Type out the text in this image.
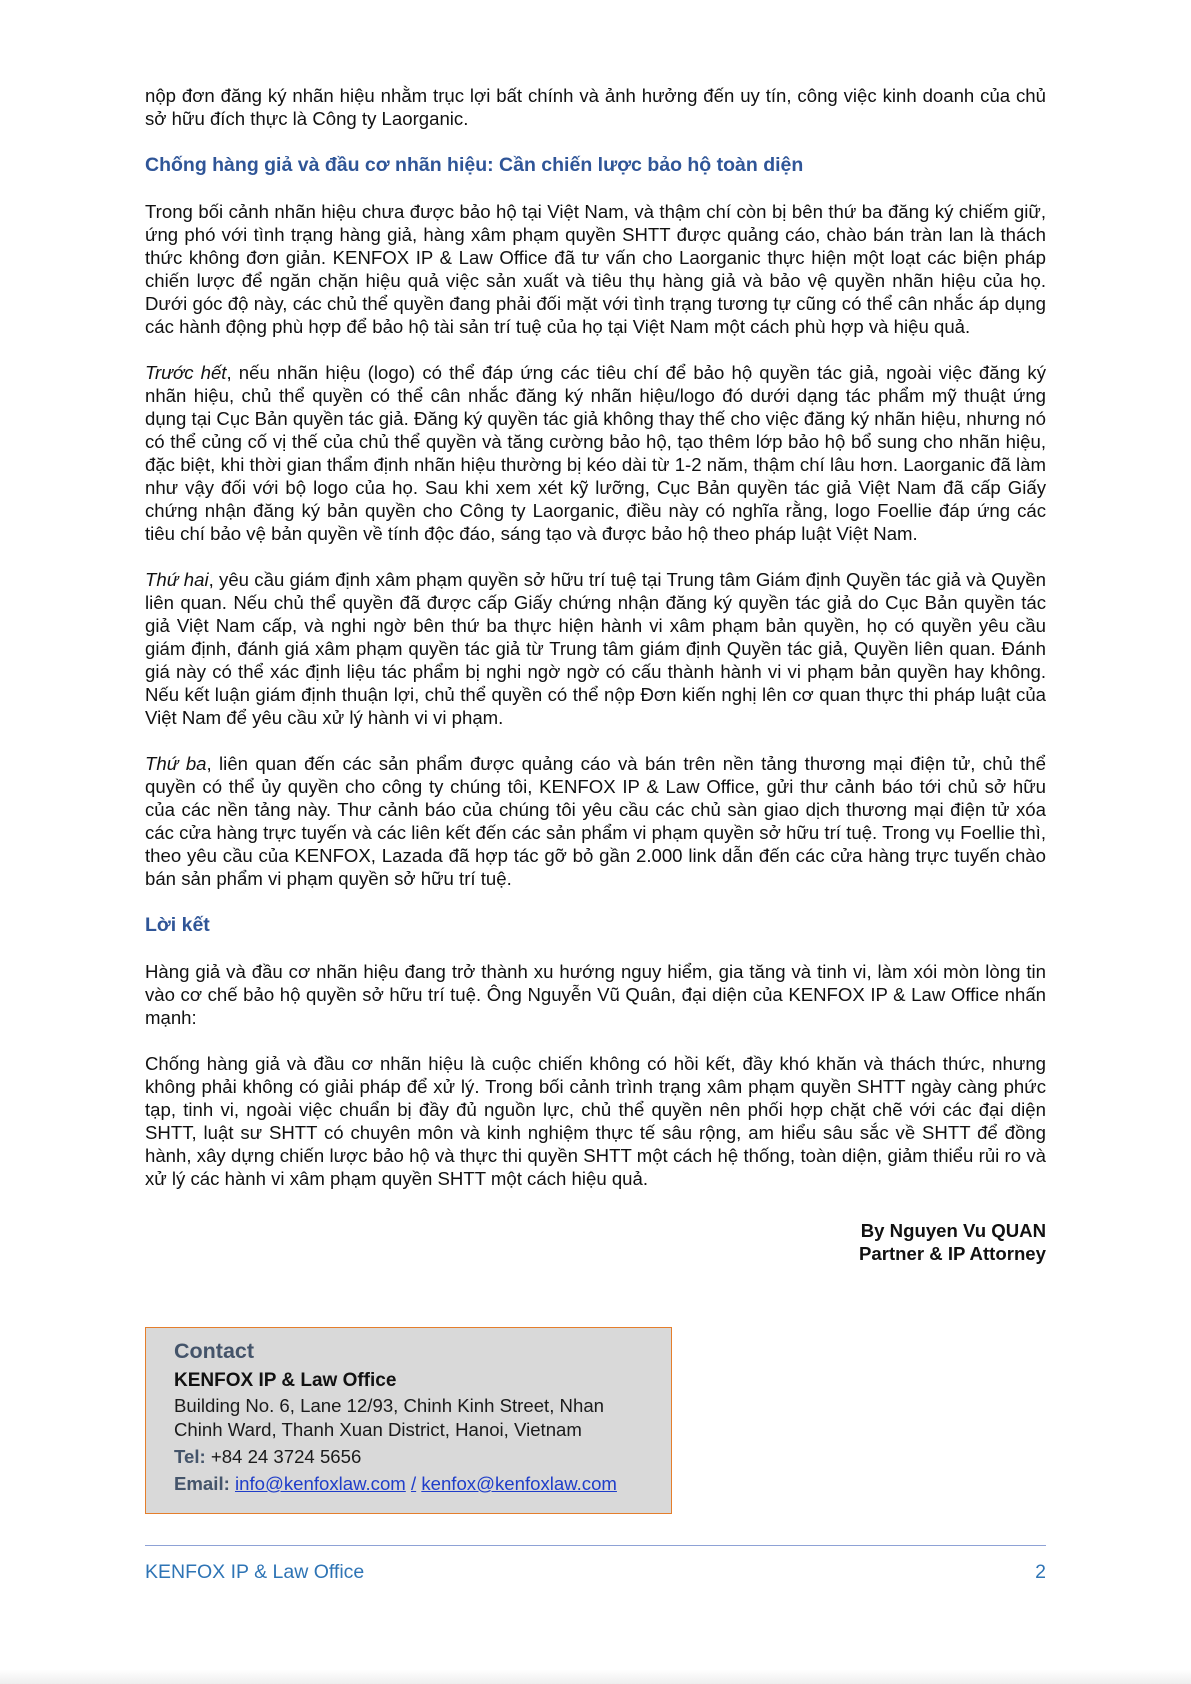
nộp đơn đăng ký nhãn hiệu nhằm trục lợi bất chính và ảnh hưởng đến uy tín, công việc kinh doanh của chủ sở hữu đích thực là Công ty Laorganic.

Chống hàng giả và đầu cơ nhãn hiệu: Cần chiến lược bảo hộ toàn diện

Trong bối cảnh nhãn hiệu chưa được bảo hộ tại Việt Nam, và thậm chí còn bị bên thứ ba đăng ký chiếm giữ, ứng phó với tình trạng hàng giả, hàng xâm phạm quyền SHTT được quảng cáo, chào bán tràn lan là thách thức không đơn giản. KENFOX IP & Law Office đã tư vấn cho Laorganic thực hiện một loạt các biện pháp chiến lược để ngăn chặn hiệu quả việc sản xuất và tiêu thụ hàng giả và bảo vệ quyền nhãn hiệu của họ. Dưới góc độ này, các chủ thể quyền đang phải đối mặt với tình trạng tương tự cũng có thể cân nhắc áp dụng các hành động phù hợp để bảo hộ tài sản trí tuệ của họ tại Việt Nam một cách phù hợp và hiệu quả.

Trước hết, nếu nhãn hiệu (logo) có thể đáp ứng các tiêu chí để bảo hộ quyền tác giả, ngoài việc đăng ký nhãn hiệu, chủ thể quyền có thể cân nhắc đăng ký nhãn hiệu/logo đó dưới dạng tác phẩm mỹ thuật ứng dụng tại Cục Bản quyền tác giả. Đăng ký quyền tác giả không thay thế cho việc đăng ký nhãn hiệu, nhưng nó có thể củng cố vị thế của chủ thể quyền và tăng cường bảo hộ, tạo thêm lớp bảo hộ bổ sung cho nhãn hiệu, đặc biệt, khi thời gian thẩm định nhãn hiệu thường bị kéo dài từ 1-2 năm, thậm chí lâu hơn. Laorganic đã làm như vậy đối với bộ logo của họ. Sau khi xem xét kỹ lưỡng, Cục Bản quyền tác giả Việt Nam đã cấp Giấy chứng nhận đăng ký bản quyền cho Công ty Laorganic, điều này có nghĩa rằng, logo Foellie đáp ứng các tiêu chí bảo vệ bản quyền về tính độc đáo, sáng tạo và được bảo hộ theo pháp luật Việt Nam.

Thứ hai, yêu cầu giám định xâm phạm quyền sở hữu trí tuệ tại Trung tâm Giám định Quyền tác giả và Quyền liên quan. Nếu chủ thể quyền đã được cấp Giấy chứng nhận đăng ký quyền tác giả do Cục Bản quyền tác giả Việt Nam cấp, và nghi ngờ bên thứ ba thực hiện hành vi xâm phạm bản quyền, họ có quyền yêu cầu giám định, đánh giá xâm phạm quyền tác giả từ Trung tâm giám định Quyền tác giả, Quyền liên quan. Đánh giá này có thể xác định liệu tác phẩm bị nghi ngờ ngờ có cấu thành hành vi vi phạm bản quyền hay không. Nếu kết luận giám định thuận lợi, chủ thể quyền có thể nộp Đơn kiến nghị lên cơ quan thực thi pháp luật của Việt Nam để yêu cầu xử lý hành vi vi phạm.

Thứ ba, liên quan đến các sản phẩm được quảng cáo và bán trên nền tảng thương mại điện tử, chủ thể quyền có thể ủy quyền cho công ty chúng tôi, KENFOX IP & Law Office, gửi thư cảnh báo tới chủ sở hữu của các nền tảng này. Thư cảnh báo của chúng tôi yêu cầu các chủ sàn giao dịch thương mại điện tử xóa các cửa hàng trực tuyến và các liên kết đến các sản phẩm vi phạm quyền sở hữu trí tuệ. Trong vụ Foellie thì, theo yêu cầu của KENFOX, Lazada đã hợp tác gỡ bỏ gần 2.000 link dẫn đến các cửa hàng trực tuyến chào bán sản phẩm vi phạm quyền sở hữu trí tuệ.

Lời kết

Hàng giả và đầu cơ nhãn hiệu đang trở thành xu hướng nguy hiểm, gia tăng và tinh vi, làm xói mòn lòng tin vào cơ chế bảo hộ quyền sở hữu trí tuệ. Ông Nguyễn Vũ Quân, đại diện của KENFOX IP & Law Office nhấn mạnh:

Chống hàng giả và đầu cơ nhãn hiệu là cuộc chiến không có hồi kết, đầy khó khăn và thách thức, nhưng không phải không có giải pháp để xử lý. Trong bối cảnh trình trạng xâm phạm quyền SHTT ngày càng phức tạp, tinh vi, ngoài việc chuẩn bị đầy đủ nguồn lực, chủ thể quyền nên phối hợp chặt chẽ với các đại diện SHTT, luật sư SHTT có chuyên môn và kinh nghiệm thực tế sâu rộng, am hiểu sâu sắc về SHTT để đồng hành, xây dựng chiến lược bảo hộ và thực thi quyền SHTT một cách hệ thống, toàn diện, giảm thiểu rủi ro và xử lý các hành vi xâm phạm quyền SHTT một cách hiệu quả.

By Nguyen Vu QUAN
Partner & IP Attorney
Contact
KENFOX IP & Law Office
Building No. 6, Lane 12/93, Chinh Kinh Street, Nhan
Chinh Ward, Thanh Xuan District, Hanoi, Vietnam
Tel: +84 24 3724 5656
Email: info@kenfoxlaw.com / kenfox@kenfoxlaw.com
KENFOX IP & Law Office	2
